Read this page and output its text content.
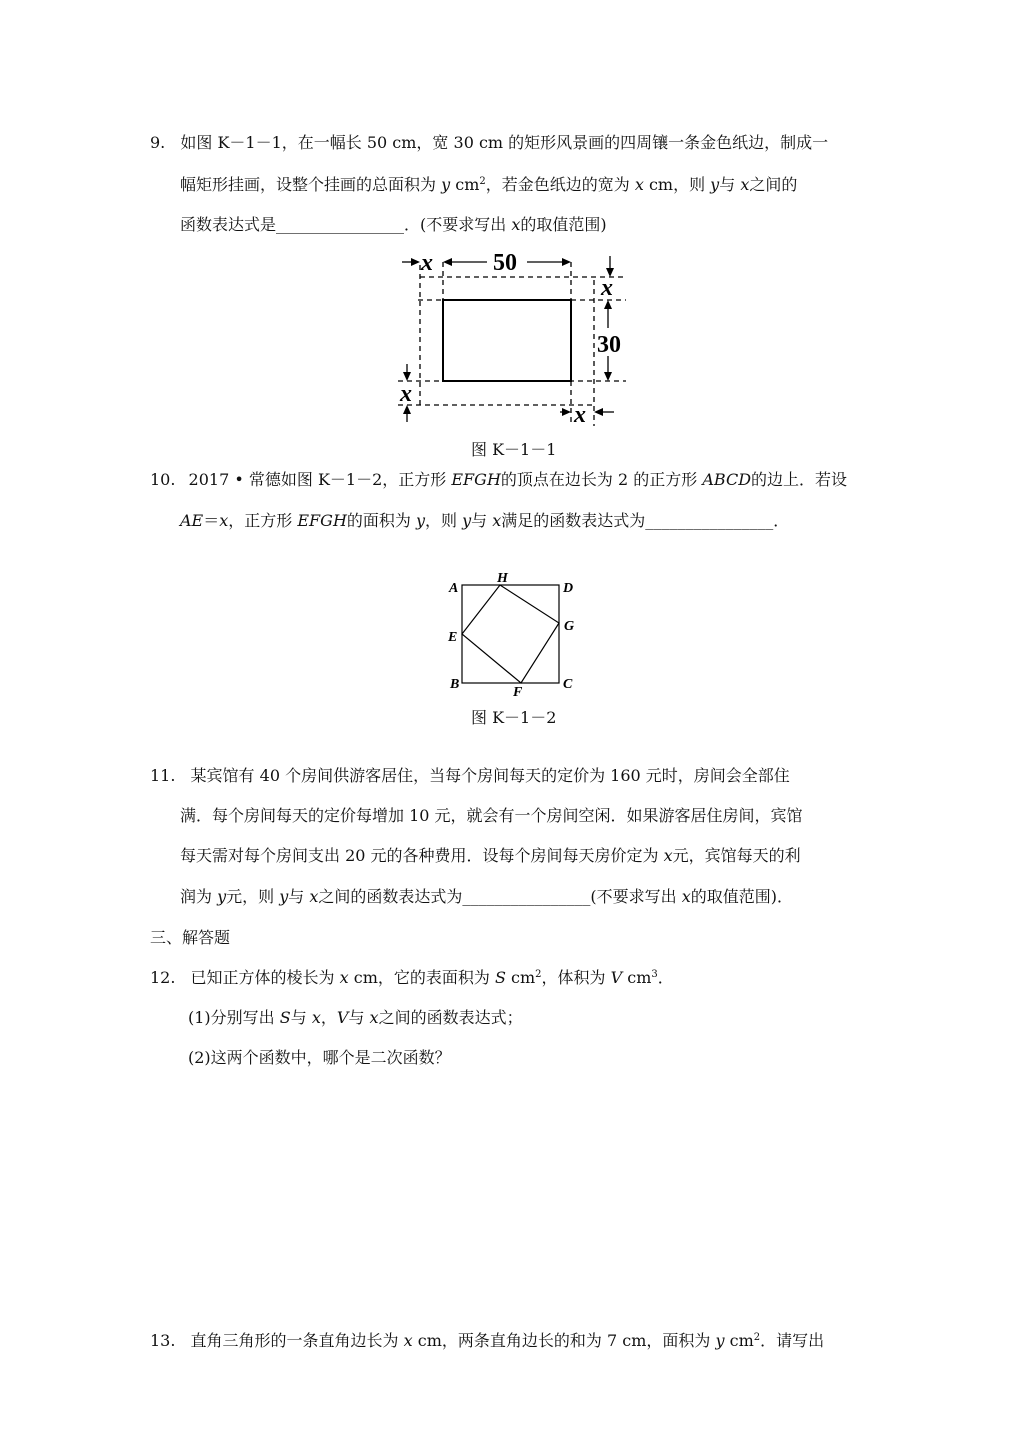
9. 如图 K－1－1，在一幅长 50 cm，宽 30 cm 的矩形风景画的四周镶一条金色纸边，制成一
幅矩形挂画，设整个挂画的总面积为 y $cm^2$，若金色纸边的宽为 x cm，则 y与 x之间的
函数表达式是________________．(不要求写出 x的取值范围)
x	50
x
30
x
x
图 K－1－1
10. 2017 • 常德如图 K－1－2，正方形 EFGH的顶点在边长为 2 的正方形 ABCD的边上．若设
AE＝x，正方形 EFGH的面积为 y，则 y与 x满足的函数表达式为________________．
A
H
D
E
G
B
F
C
图 K－1－2
11. 某宾馆有 40 个房间供游客居住，当每个房间每天的定价为 160 元时，房间会全部住
满．每个房间每天的定价每增加 10 元，就会有一个房间空闲．如果游客居住房间，宾馆
每天需对每个房间支出 20 元的各种费用．设每个房间每天房价定为 x元，宾馆每天的利
润为 y元，则 y与 x之间的函数表达式为________________(不要求写出 x的取值范围)．
三、解答题
12. 已知正方体的棱长为 x cm，它的表面积为 S $cm^2$，体积为 V $cm^3$．
(1)分别写出 S与 x，V与 x之间的函数表达式；
(2)这两个函数中，哪个是二次函数？
13. 直角三角形的一条直角边长为 x cm，两条直角边长的和为 7 cm，面积为 y $cm^2$．请写出
